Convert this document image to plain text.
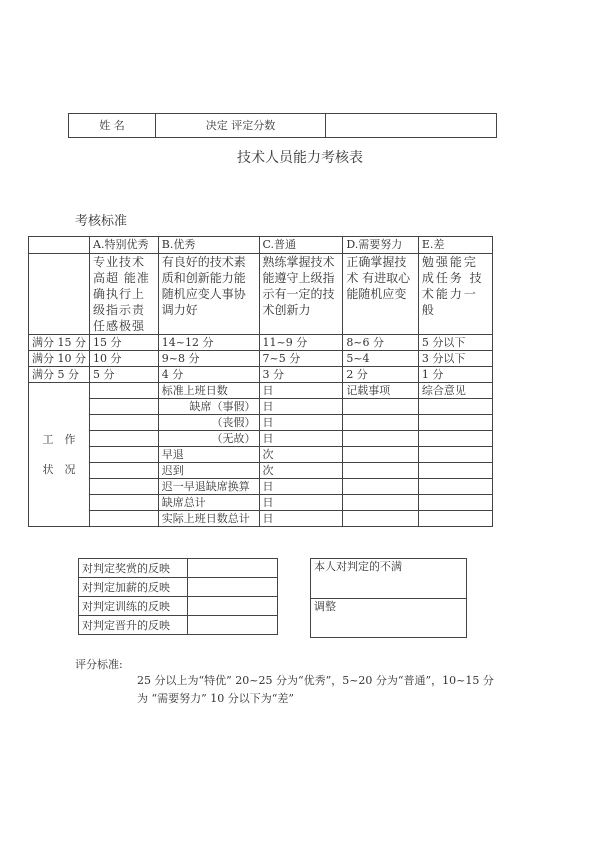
姓 名	决定 评定分数	
技术人员能力考核表
考核标准
	A.特别优秀	B.优秀	C.普通	D.需要努力	E.差
	专业技术高超 能准确执行上级指示责任感极强	有良好的技术素质和创新能力能随机应变人事协调力好	熟练掌握技术能遵守上级指示有一定的技术创新力	正确掌握技术 有进取心能随机应变	勉强能完成任务 技术能力一般
满分 15 分	15 分	14~12 分	11~9 分	8~6 分	5 分以下
满分 10 分	10 分	9~8 分	7~5 分	5~4	3 分以下
满分 5 分	5 分	4 分	3 分	2 分	1 分

工　作
状　况		标准上班日数	日	记载事项	综合意见
		缺席（事假）	日		
		（丧假）	日		
		（无故）	日		
		早退	次		
		迟到	次		
		迟一早退缺席换算	日		
		缺席总计	日		
		实际上班日数总计	日		
对判定奖赏的反映	
对判定加薪的反映	
对判定训练的反映	
对判定晋升的反映	
本人对判定的不满
调整
评分标准:
25 分以上为“特优” 20~25 分为“优秀”，5~20 分为“普通”，10~15 分
为 “需要努力” 10 分以下为“差”
